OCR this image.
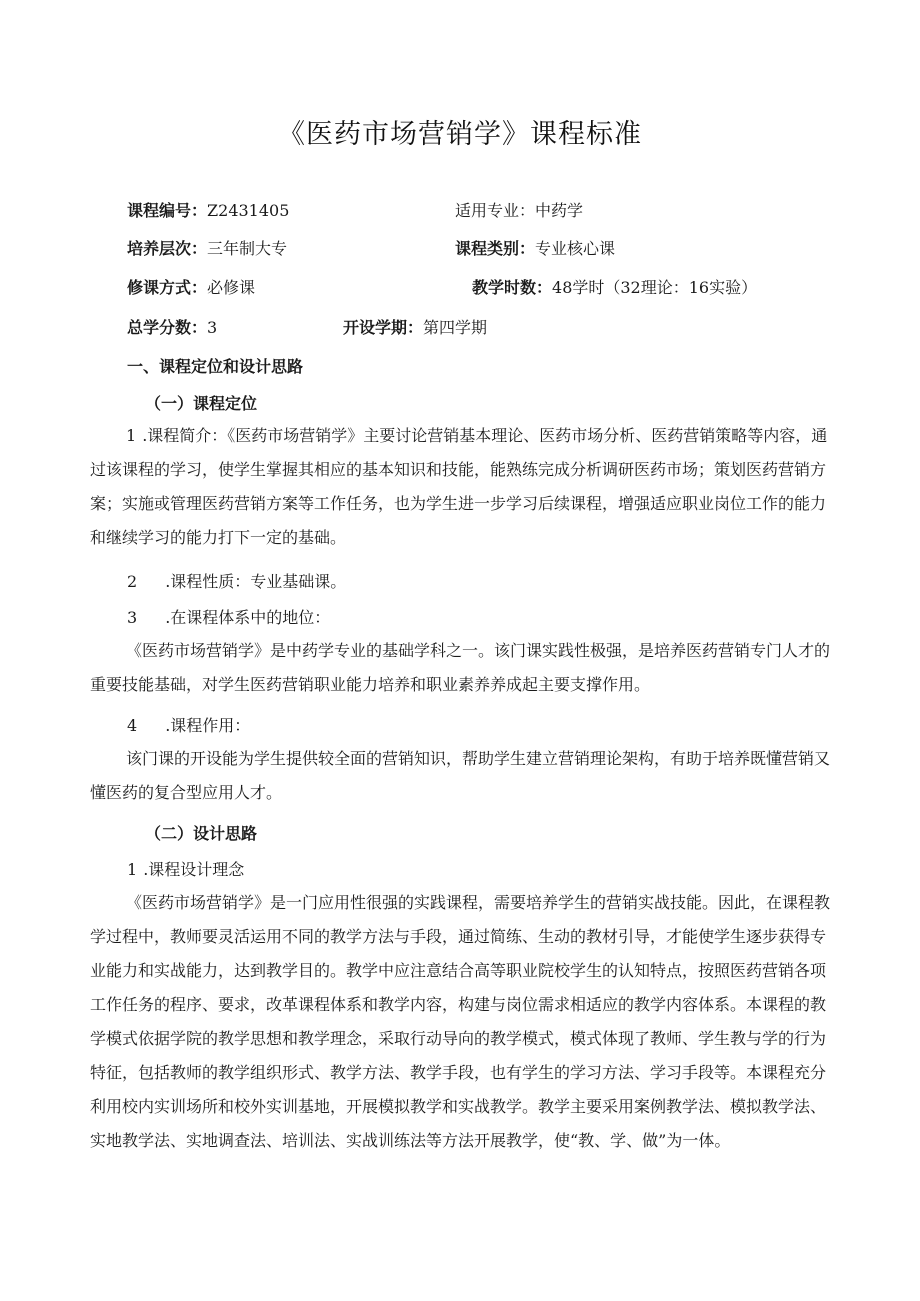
《医药市场营销学》课程标准
课程编号：Z2431405	适用专业：中药学
培养层次：三年制大专	课程类别：专业核心课
修课方式：必修课	教学时数：48学时（32理论：16实验）
总学分数：3	开设学期：第四学期
一、课程定位和设计思路
（一）课程定位
1 .课程简介：《医药市场营销学》主要讨论营销基本理论、医药市场分析、医药营销策略等内容，通过该课程的学习，使学生掌握其相应的基本知识和技能，能熟练完成分析调研医药市场；策划医药营销方案；实施或管理医药营销方案等工作任务，也为学生进一步学习后续课程，增强适应职业岗位工作的能力和继续学习的能力打下一定的基础。
2 .课程性质：专业基础课。
3 .在课程体系中的地位：
《医药市场营销学》是中药学专业的基础学科之一。该门课实践性极强，是培养医药营销专门人才的重要技能基础，对学生医药营销职业能力培养和职业素养养成起主要支撑作用。
4 .课程作用：
该门课的开设能为学生提供较全面的营销知识，帮助学生建立营销理论架构，有助于培养既懂营销又懂医药的复合型应用人才。
（二）设计思路
1 .课程设计理念
《医药市场营销学》是一门应用性很强的实践课程，需要培养学生的营销实战技能。因此，在课程教学过程中，教师要灵活运用不同的教学方法与手段，通过简练、生动的教材引导，才能使学生逐步获得专业能力和实战能力，达到教学目的。教学中应注意结合高等职业院校学生的认知特点，按照医药营销各项工作任务的程序、要求，改革课程体系和教学内容，构建与岗位需求相适应的教学内容体系。本课程的教学模式依据学院的教学思想和教学理念，采取行动导向的教学模式，模式体现了教师、学生教与学的行为特征，包括教师的教学组织形式、教学方法、教学手段，也有学生的学习方法、学习手段等。本课程充分利用校内实训场所和校外实训基地，开展模拟教学和实战教学。教学主要采用案例教学法、模拟教学法、实地教学法、实地调查法、培训法、实战训练法等方法开展教学，使“教、学、做”为一体。
